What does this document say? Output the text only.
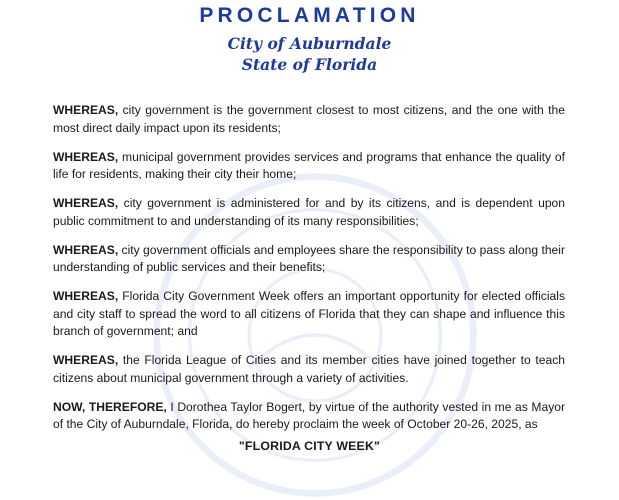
PROCLAMATION
City of Auburndale
State of Florida

WHEREAS, city government is the government closest to most citizens, and the one with the most direct daily impact upon its residents;

WHEREAS, municipal government provides services and programs that enhance the quality of life for residents, making their city their home;

WHEREAS, city government is administered for and by its citizens, and is dependent upon public commitment to and understanding of its many responsibilities;

WHEREAS, city government officials and employees share the responsibility to pass along their understanding of public services and their benefits;

WHEREAS, Florida City Government Week offers an important opportunity for elected officials and city staff to spread the word to all citizens of Florida that they can shape and influence this branch of government; and

WHEREAS, the Florida League of Cities and its member cities have joined together to teach citizens about municipal government through a variety of activities.

NOW, THEREFORE, I Dorothea Taylor Bogert, by virtue of the authority vested in me as Mayor of the City of Auburndale, Florida, do hereby proclaim the week of October 20-26, 2025, as

"FLORIDA CITY WEEK"
